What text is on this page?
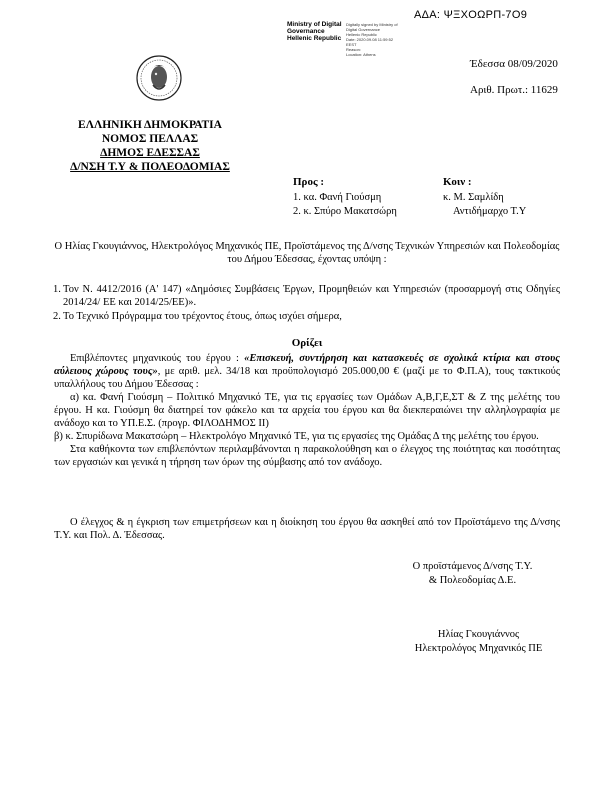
ΑΔΑ: ΨΞΧΟΩΡΠ-7Ο9
Ministry of Digital
Governance
Hellenic Republic
Digitally signed by Ministry of
Digital Governance
Hellenic Republic
Date: 2020.09.08 11:59:52
EEST
Reason:
Location: Athens
Έδεσσα 08/09/2020
Αριθ. Πρωτ.: 11629
ΕΛΛΗΝΙΚΗ ΔΗΜΟΚΡΑΤΙΑ
ΝΟΜΟΣ ΠΕΛΛΑΣ
ΔΗΜΟΣ ΕΔΕΣΣΑΣ
Δ/ΝΣΗ Τ.Υ & ΠΟΛΕΟΔΟΜΙΑΣ
Προς :	Κοιν :
1. κα. Φανή Γιούσμη
2. κ. Σπύρο Μακατσώρη
κ. Μ. Σαμλίδη
Αντιδήμαρχο Τ.Υ
Ο Ηλίας Γκουγιάννος, Ηλεκτρολόγος Μηχανικός ΠΕ, Προϊστάμενος της Δ/νσης Τεχνικών Υπηρεσιών και Πολεοδομίας του Δήμου Έδεσσας, έχοντας υπόψη :
1. Τον Ν. 4412/2016 (Α' 147) «Δημόσιες Συμβάσεις Έργων, Προμηθειών και Υπηρεσιών (προσαρμογή στις Οδηγίες 2014/24/ ΕΕ και 2014/25/ΕΕ)».
2. Το Τεχνικό Πρόγραμμα του τρέχοντος έτους, όπως ισχύει σήμερα,
Ορίζει
Επιβλέποντες μηχανικούς του έργου : «Επισκευή, συντήρηση και κατασκευές σε σχολικά κτίρια και στους αύλειους χώρους τους», με αριθ. μελ. 34/18 και προϋπολογισμό 205.000,00 € (μαζί με το Φ.Π.Α), τους τακτικούς υπαλλήλους του Δήμου Έδεσσας :
α) κα. Φανή Γιούσμη – Πολιτικό Μηχανικό ΤΕ, για τις εργασίες των Ομάδων Α,Β,Γ,Ε,ΣΤ & Ζ της μελέτης του έργου. Η κα. Γιούσμη θα διατηρεί τον φάκελο και τα αρχεία του έργου και θα διεκπεραιώνει την αλληλογραφία με ανάδοχο και το ΥΠ.Ε.Σ. (προγρ. ΦΙΛΟΔΗΜΟΣ ΙΙ)
β) κ. Σπυρίδωνα Μακατσώρη – Ηλεκτρολόγο Μηχανικό ΤΕ, για τις εργασίες της Ομάδας Δ της μελέτης του έργου.
Στα καθήκοντα των επιβλεπόντων περιλαμβάνονται η παρακολούθηση και ο έλεγχος της ποιότητας και ποσότητας των εργασιών και γενικά η τήρηση των όρων της σύμβασης από τον ανάδοχο.
Ο έλεγχος & η έγκριση των επιμετρήσεων και η διοίκηση του έργου θα ασκηθεί από τον Προϊστάμενο της Δ/νσης Τ.Υ. και Πολ. Δ. Έδεσσας.
Ο προϊστάμενος Δ/νσης Τ.Υ.
& Πολεοδομίας Δ.Ε.
Ηλίας Γκουγιάννος
Ηλεκτρολόγος Μηχανικός ΠΕ
